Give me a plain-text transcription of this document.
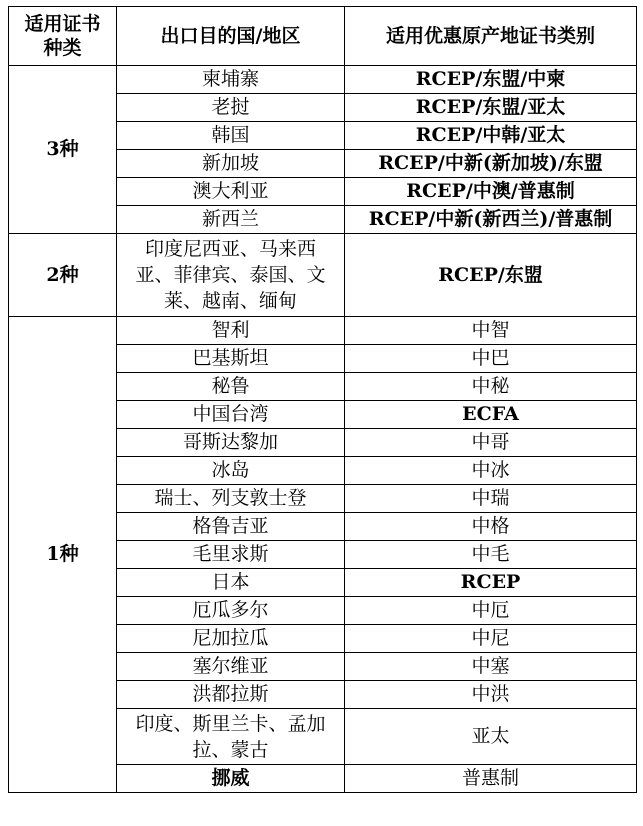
适用证书种类	出口目的国/地区	适用优惠原产地证书类别
3种	柬埔寨	RCEP/东盟/中柬
	老挝	RCEP/东盟/亚太
	韩国	RCEP/中韩/亚太
	新加坡	RCEP/中新(新加坡)/东盟
	澳大利亚	RCEP/中澳/普惠制
	新西兰	RCEP/中新(新西兰)/普惠制
2种	印度尼西亚、马来西亚、菲律宾、泰国、文莱、越南、缅甸	RCEP/东盟
1种	智利	中智
	巴基斯坦	中巴
	秘鲁	中秘
	中国台湾	ECFA
	哥斯达黎加	中哥
	冰岛	中冰
	瑞士、列支敦士登	中瑞
	格鲁吉亚	中格
	毛里求斯	中毛
	日本	RCEP
	厄瓜多尔	中厄
	尼加拉瓜	中尼
	塞尔维亚	中塞
	洪都拉斯	中洪
	印度、斯里兰卡、孟加拉、蒙古	亚太
	挪威	普惠制
